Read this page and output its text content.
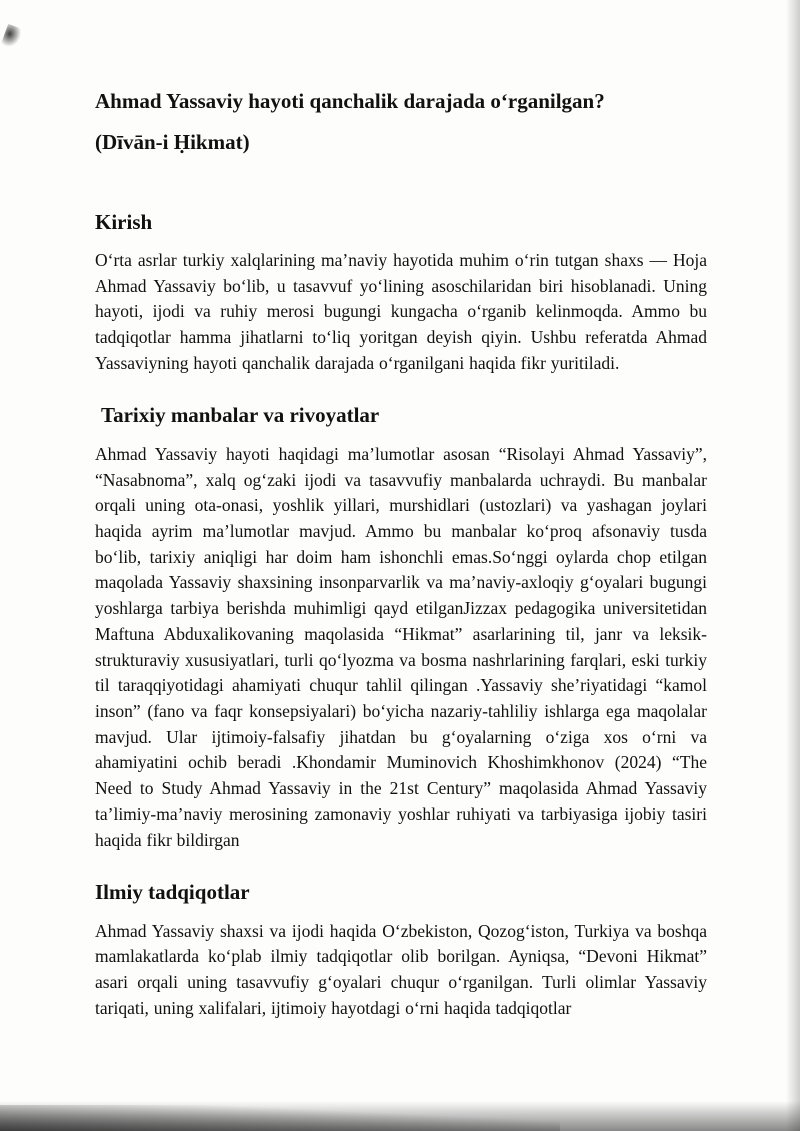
Ahmad Yassaviy hayoti qanchalik darajada o‘rganilgan?
(Dīvān-i Ḥikmat)
Kirish

O‘rta asrlar turkiy xalqlarining ma’naviy hayotida muhim o‘rin tutgan shaxs — Hoja Ahmad Yassaviy bo‘lib, u tasavvuf yo‘lining asoschilaridan biri hisoblanadi. Uning hayoti, ijodi va ruhiy merosi bugungi kungacha o‘rganib kelinmoqda. Ammo bu tadqiqotlar hamma jihatlarni to‘liq yoritgan deyish qiyin. Ushbu referatda Ahmad Yassaviyning hayoti qanchalik darajada o‘rganilgani haqida fikr yuritiladi.

Tarixiy manbalar va rivoyatlar

Ahmad Yassaviy hayoti haqidagi ma’lumotlar asosan “Risolayi Ahmad Yassaviy”, “Nasabnoma”, xalq og‘zaki ijodi va tasavvufiy manbalarda uchraydi. Bu manbalar orqali uning ota-onasi, yoshlik yillari, murshidlari (ustozlari) va yashagan joylari haqida ayrim ma’lumotlar mavjud. Ammo bu manbalar ko‘proq afsonaviy tusda bo‘lib, tarixiy aniqligi har doim ham ishonchli emas.So‘nggi oylarda chop etilgan maqolada Yassaviy shaxsining insonparvarlik va ma’naviy-axloqiy g‘oyalari bugungi yoshlarga tarbiya berishda muhimligi qayd etilganJizzax pedagogika universitetidan Maftuna Abduxalikovaning maqolasida “Hikmat” asarlarining til, janr va leksik-strukturaviy xususiyatlari, turli qo‘lyozma va bosma nashrlarining farqlari, eski turkiy til taraqqiyotidagi ahamiyati chuqur tahlil qilingan .Yassaviy she’riyatidagi “kamol inson” (fano va faqr konsepsiyalari) bo‘yicha nazariy-tahliliy ishlarga ega maqolalar mavjud. Ular ijtimoiy-falsafiy jihatdan bu g‘oyalarning o‘ziga xos o‘rni va ahamiyatini ochib beradi .Khondamir Muminovich Khoshimkhonov (2024) “The Need to Study Ahmad Yassaviy in the 21st Century” maqolasida Ahmad Yassaviy ta’limiy-ma’naviy merosining zamonaviy yoshlar ruhiyati va tarbiyasiga ijobiy tasiri haqida fikr bildirgan

Ilmiy tadqiqotlar

Ahmad Yassaviy shaxsi va ijodi haqida O‘zbekiston, Qozog‘iston, Turkiya va boshqa mamlakatlarda ko‘plab ilmiy tadqiqotlar olib borilgan. Ayniqsa, “Devoni Hikmat” asari orqali uning tasavvufiy g‘oyalari chuqur o‘rganilgan. Turli olimlar Yassaviy tariqati, uning xalifalari, ijtimoiy hayotdagi o‘rni haqida tadqiqotlar
